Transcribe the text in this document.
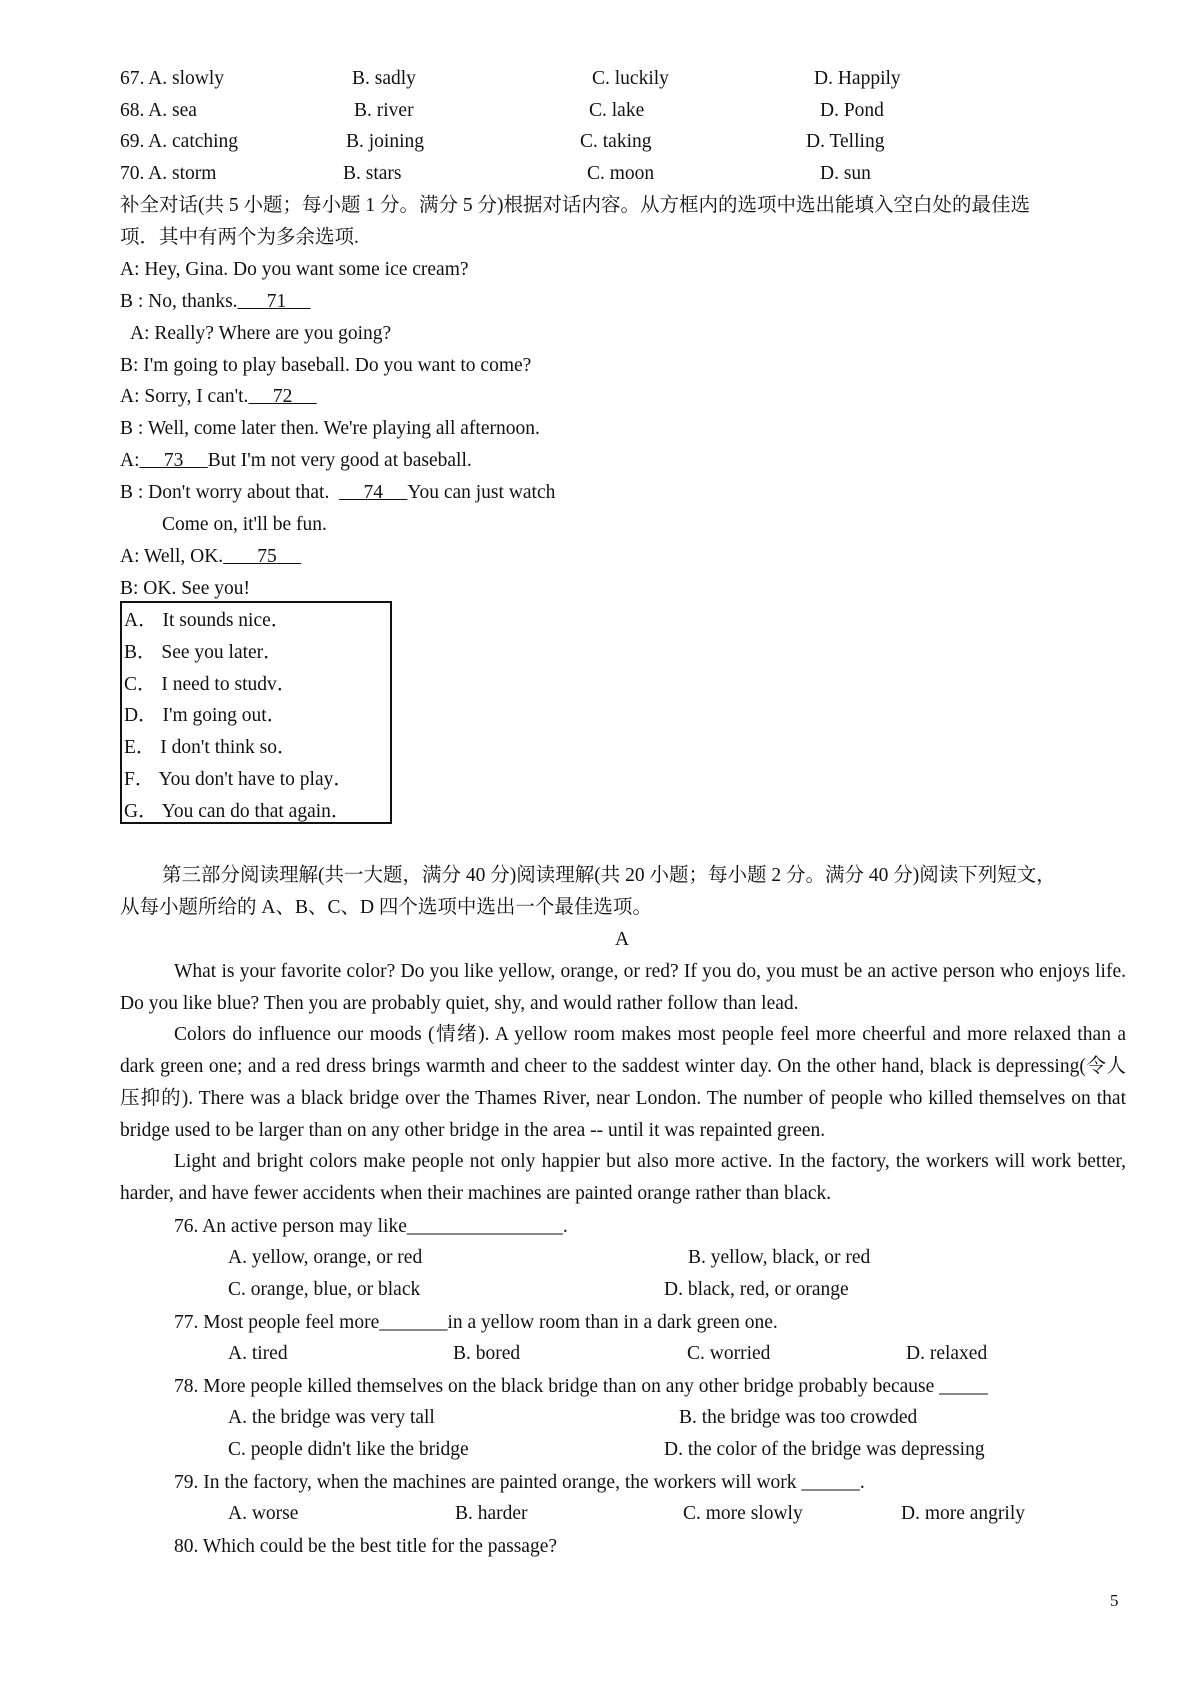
67. A. slowly	B. sadly	C. luckily	D. Happily
68. A. sea	B. river	C. lake	D. Pond
69. A. catching	B. joining	C. taking	D. Telling
70. A. storm	B. stars	C. moon	D. sun
补全对话(共 5 小题；每小题 1 分。满分 5 分)根据对话内容。从方框内的选项中选出能填入空白处的最佳选
项．其中有两个为多余选项.
A: Hey, Gina. Do you want some ice cream?
B : No, thanks. 71
A: Really? Where are you going?
B: I'm going to play baseball. Do you want to come?
A: Sorry, I can't. 72
B : Well, come later then. We're playing all afternoon.
A: 73 But I'm not very good at baseball.
B : Don't worry about that. 74 You can just watch
Come on, it'll be fun.
A: Well, OK. 75
B: OK. See you!
A． It sounds nice．
B． See you later．
C． I need to studv．
D． I'm going out．
E． I don't think so．
F． You don't have to play．
G． You can do that again．
第三部分阅读理解(共一大题，满分 40 分)阅读理解(共 20 小题；每小题 2 分。满分 40 分)阅读下列短文，
从每小题所给的 A、B、C、D 四个选项中选出一个最佳选项。
A
What is your favorite color? Do you like yellow, orange, or red? If you do, you must be an active person who enjoys life. Do you like blue? Then you are probably quiet, shy, and would rather follow than lead.
Colors do influence our moods (情绪). A yellow room makes most people feel more cheerful and more relaxed than a dark green one; and a red dress brings warmth and cheer to the saddest winter day. On the other hand, black is depressing(令人压抑的). There was a black bridge over the Thames River, near London. The number of people who killed themselves on that bridge used to be larger than on any other bridge in the area -- until it was repainted green.
Light and bright colors make people not only happier but also more active. In the factory, the workers will work better, harder, and have fewer accidents when their machines are painted orange rather than black.
76. An active person may like________________.
A. yellow, orange, or red	B. yellow, black, or red
C. orange, blue, or black	D. black, red, or orange
77. Most people feel more_______in a yellow room than in a dark green one.
A. tired	B. bored	C. worried	D. relaxed
78. More people killed themselves on the black bridge than on any other bridge probably because _____
A. the bridge was very tall	B. the bridge was too crowded
C. people didn't like the bridge	D. the color of the bridge was depressing
79. In the factory, when the machines are painted orange, the workers will work ______.
A. worse	B. harder	C. more slowly	D. more angrily
80. Which could be the best title for the passage?
5
